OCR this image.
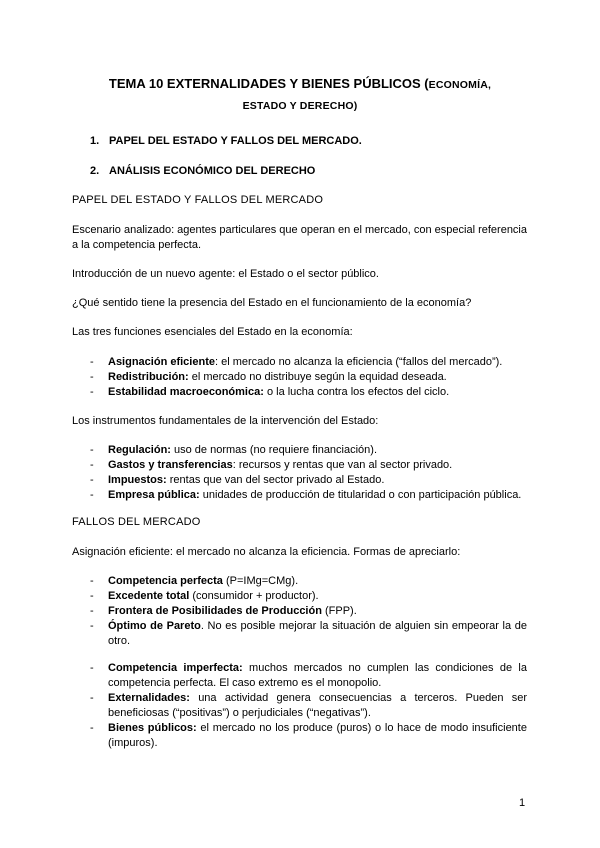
TEMA 10 EXTERNALIDADES Y BIENES PÚBLICOS (ECONOMÍA,
ESTADO Y DERECHO)
1. PAPEL DEL ESTADO Y FALLOS DEL MERCADO.
2. ANÁLISIS ECONÓMICO DEL DERECHO
PAPEL DEL ESTADO Y FALLOS DEL MERCADO
Escenario analizado: agentes particulares que operan en el mercado, con especial referencia a la competencia perfecta.
Introducción de un nuevo agente: el Estado o el sector público.
¿Qué sentido tiene la presencia del Estado en el funcionamiento de la economía?
Las tres funciones esenciales del Estado en la economía:
- Asignación eficiente: el mercado no alcanza la eficiencia (“fallos del mercado”).
- Redistribución: el mercado no distribuye según la equidad deseada.
- Estabilidad macroeconómica: o la lucha contra los efectos del ciclo.
Los instrumentos fundamentales de la intervención del Estado:
- Regulación: uso de normas (no requiere financiación).
- Gastos y transferencias: recursos y rentas que van al sector privado.
- Impuestos: rentas que van del sector privado al Estado.
- Empresa pública: unidades de producción de titularidad o con participación pública.
FALLOS DEL MERCADO
Asignación eficiente: el mercado no alcanza la eficiencia. Formas de apreciarlo:
- Competencia perfecta (P=IMg=CMg).
- Excedente total (consumidor + productor).
- Frontera de Posibilidades de Producción (FPP).
- Óptimo de Pareto. No es posible mejorar la situación de alguien sin empeorar la de otro.
- Competencia imperfecta: muchos mercados no cumplen las condiciones de la competencia perfecta. El caso extremo es el monopolio.
- Externalidades: una actividad genera consecuencias a terceros. Pueden ser beneficiosas (“positivas”) o perjudiciales (“negativas”).
- Bienes públicos: el mercado no los produce (puros) o lo hace de modo insuficiente (impuros).
1
